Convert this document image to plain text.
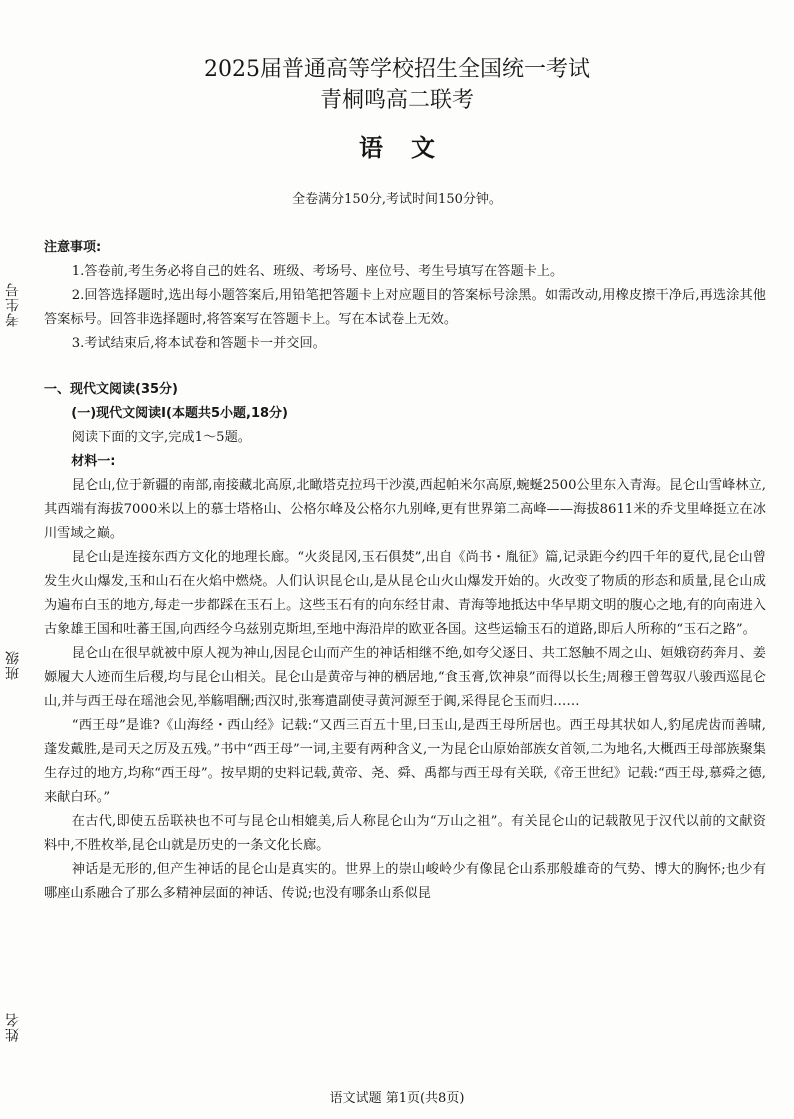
考生号
班级
姓名
2025届普通高等学校招生全国统一考试
青桐鸣高二联考
语文
全卷满分150分,考试时间150分钟。

注意事项:

1.答卷前,考生务必将自己的姓名、班级、考场号、座位号、考生号填写在答题卡上。

2.回答选择题时,选出每小题答案后,用铅笔把答题卡上对应题目的答案标号涂黑。如需改动,用橡皮擦干净后,再选涂其他答案标号。回答非选择题时,将答案写在答题卡上。写在本试卷上无效。

3.考试结束后,将本试卷和答题卡一并交回。

一、现代文阅读(35分)

(一)现代文阅读Ⅰ(本题共5小题,18分)

阅读下面的文字,完成1～5题。

材料一:

昆仑山,位于新疆的南部,南接藏北高原,北瞰塔克拉玛干沙漠,西起帕米尔高原,蜿蜒2500公里东入青海。昆仑山雪峰林立,其西端有海拔7000米以上的慕士塔格山、公格尔峰及公格尔九别峰,更有世界第二高峰——海拔8611米的乔戈里峰挺立在冰川雪域之巅。

昆仑山是连接东西方文化的地理长廊。“火炎昆冈,玉石俱焚”,出自《尚书・胤征》篇,记录距今约四千年的夏代,昆仑山曾发生火山爆发,玉和山石在火焰中燃烧。人们认识昆仑山,是从昆仑山火山爆发开始的。火改变了物质的形态和质量,昆仑山成为遍布白玉的地方,每走一步都踩在玉石上。这些玉石有的向东经甘肃、青海等地抵达中华早期文明的腹心之地,有的向南进入古象雄王国和吐蕃王国,向西经今乌兹别克斯坦,至地中海沿岸的欧亚各国。这些运输玉石的道路,即后人所称的“玉石之路”。

昆仑山在很早就被中原人视为神山,因昆仑山而产生的神话相继不绝,如夸父逐日、共工怒触不周之山、姮娥窃药奔月、姜嫄履大人迹而生后稷,均与昆仑山相关。昆仑山是黄帝与神的栖居地,“食玉膏,饮神泉”而得以长生;周穆王曾驾驭八骏西巡昆仑山,并与西王母在瑶池会见,举觞唱酬;西汉时,张骞遣副使寻黄河源至于阗,采得昆仑玉而归……

“西王母”是谁?《山海经・西山经》记载:“又西三百五十里,曰玉山,是西王母所居也。西王母其状如人,豹尾虎齿而善啸,蓬发戴胜,是司天之厉及五残。”书中“西王母”一词,主要有两种含义,一为昆仑山原始部族女首领,二为地名,大概西王母部族聚集生存过的地方,均称“西王母”。按早期的史料记载,黄帝、尧、舜、禹都与西王母有关联,《帝王世纪》记载:“西王母,慕舜之德,来献白环。”

在古代,即使五岳联袂也不可与昆仑山相媲美,后人称昆仑山为“万山之祖”。有关昆仑山的记载散见于汉代以前的文献资料中,不胜枚举,昆仑山就是历史的一条文化长廊。

神话是无形的,但产生神话的昆仑山是真实的。世界上的崇山峻岭少有像昆仑山系那般雄奇的气势、博大的胸怀;也少有哪座山系融合了那么多精神层面的神话、传说;也没有哪条山系似昆

语文试题 第1页(共8页)
